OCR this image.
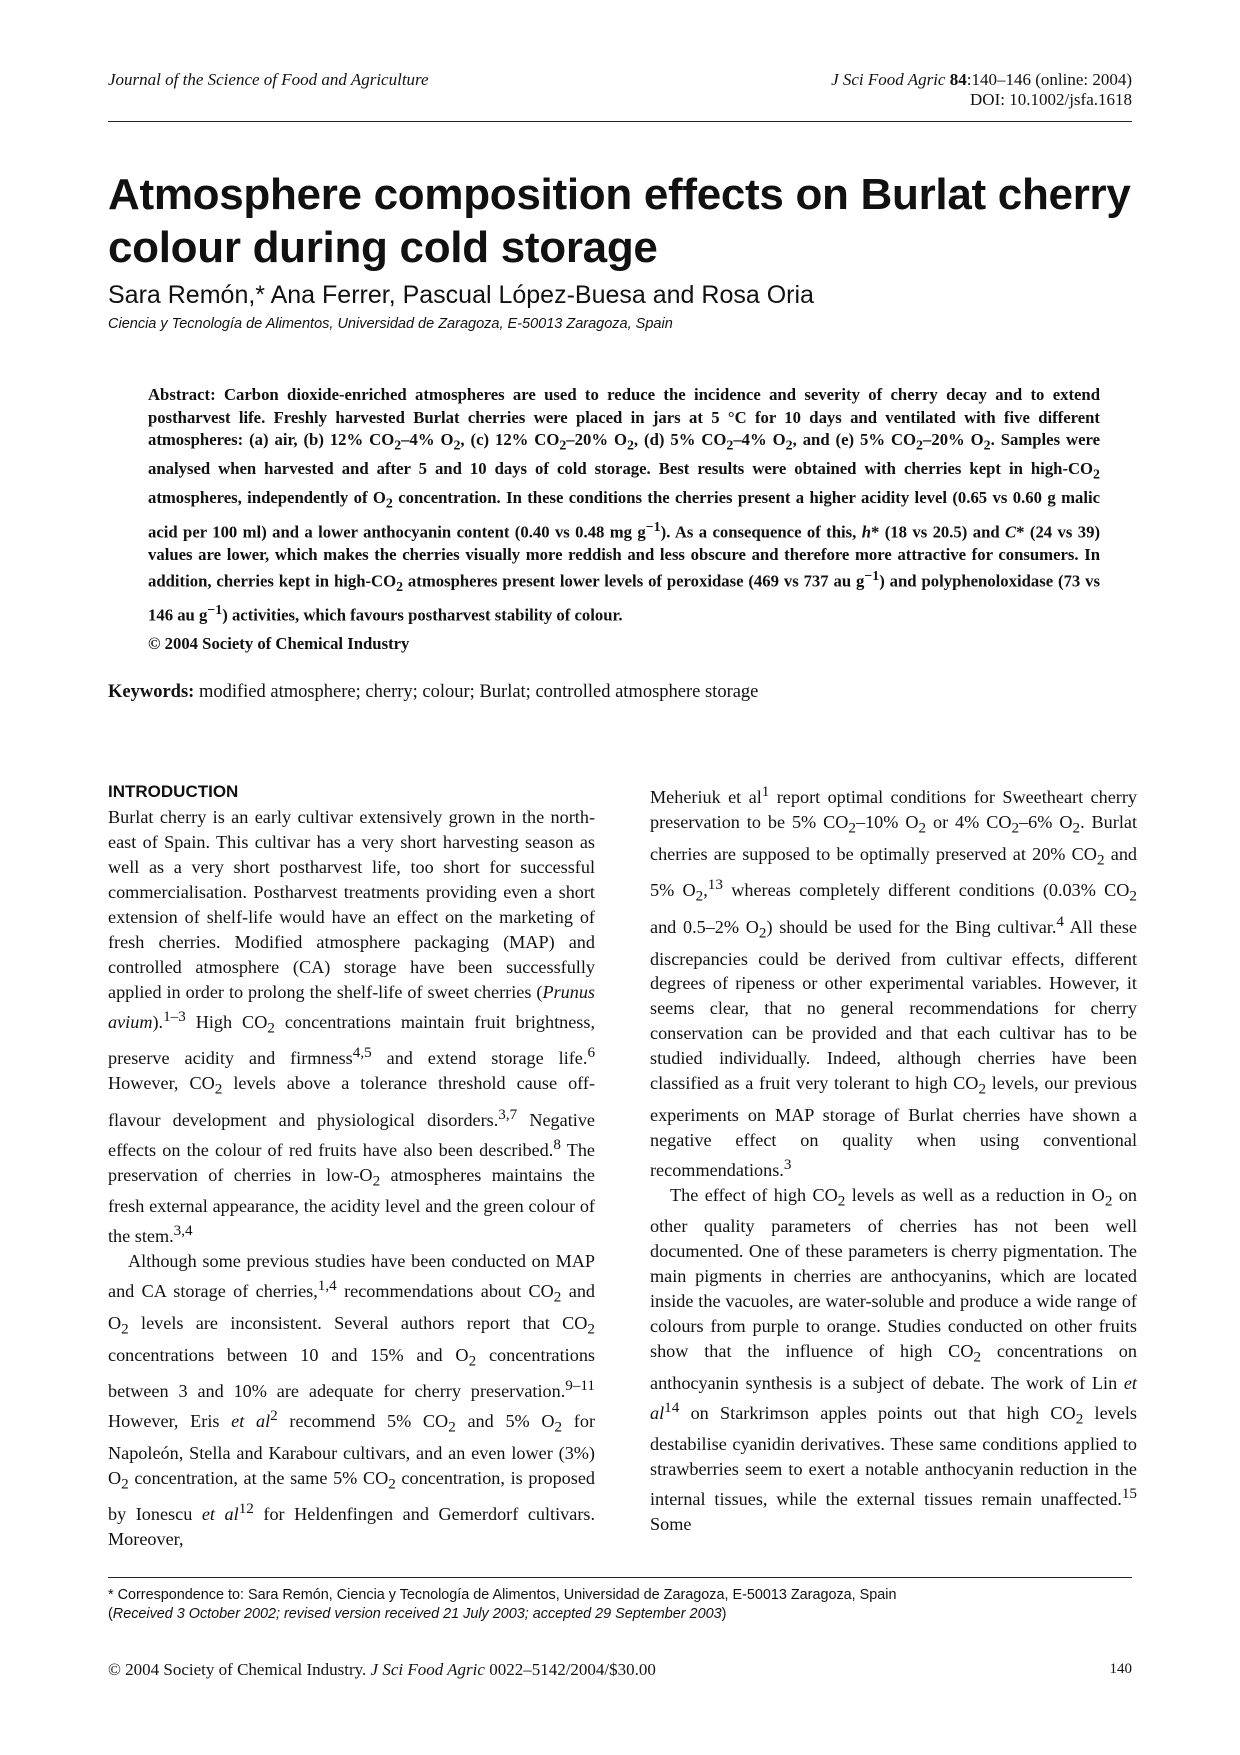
Journal of the Science of Food and Agriculture	J Sci Food Agric 84:140–146 (online: 2004)
DOI: 10.1002/jsfa.1618
Atmosphere composition effects on Burlat cherry colour during cold storage
Sara Remón,* Ana Ferrer, Pascual López-Buesa and Rosa Oria
Ciencia y Tecnología de Alimentos, Universidad de Zaragoza, E-50013 Zaragoza, Spain

Abstract: Carbon dioxide-enriched atmospheres are used to reduce the incidence and severity of cherry decay and to extend postharvest life. Freshly harvested Burlat cherries were placed in jars at 5 °C for 10 days and ventilated with five different atmospheres: (a) air, (b) 12% $CO_2-4\%$ $O_2$, (c) 12% $CO_2-20\%$ $O_2$, (d) 5% $CO_2-4\%$ $O_2$, and (e) 5% $CO_2-20\%$ $O_2$. Samples were analysed when harvested and after 5 and 10 days of cold storage. Best results were obtained with cherries kept in high-$CO_2$ atmospheres, independently of $O_2$ concentration. In these conditions the cherries present a higher acidity level (0.65 vs 0.60 g malic acid per 100 ml) and a lower anthocyanin content (0.40 vs 0.48 mg $g^{-1}$). As a consequence of this, h* (18 vs 20.5) and C* (24 vs 39) values are lower, which makes the cherries visually more reddish and less obscure and therefore more attractive for consumers. In addition, cherries kept in high-$CO_2$ atmospheres present lower levels of peroxidase (469 vs 737 au $g^{-1}$) and polyphenoloxidase (73 vs 146 au $g^{-1}$) activities, which favours postharvest stability of colour.

© 2004 Society of Chemical Industry
Keywords: modified atmosphere; cherry; colour; Burlat; controlled atmosphere storage
INTRODUCTION

Burlat cherry is an early cultivar extensively grown in the north-east of Spain. This cultivar has a very short harvesting season as well as a very short postharvest life, too short for successful commercialisation. Postharvest treatments providing even a short extension of shelf-life would have an effect on the marketing of fresh cherries. Modified atmosphere packaging (MAP) and controlled atmosphere (CA) storage have been successfully applied in order to prolong the shelf-life of sweet cherries (Prunus avium).$^{1-3}$ High $CO_2$ concentrations maintain fruit brightness, preserve acidity and firmness$^{4,5}$ and extend storage life.$^6$ However, $CO_2$ levels above a tolerance threshold cause off-flavour development and physiological disorders.$^{3,7}$ Negative effects on the colour of red fruits have also been described.$^8$ The preservation of cherries in low-$O_2$ atmospheres maintains the fresh external appearance, the acidity level and the green colour of the stem.$^{3,4}$

Although some previous studies have been conducted on MAP and CA storage of cherries,$^{1,4}$ recommendations about $CO_2$ and $O_2$ levels are inconsistent. Several authors report that $CO_2$ concentrations between 10 and 15% and $O_2$ concentrations between 3 and 10% are adequate for cherry preservation.$^{9-11}$ However, Eris et $al^2$ recommend 5% $CO_2$ and 5% $O_2$ for Napoleón, Stella and Karabour cultivars, and an even lower (3%) $O_2$ concentration, at the same 5% $CO_2$ concentration, is proposed by Ionescu et $al^{12}$ for Heldenfingen and Gemerdorf cultivars. Moreover,

Meheriuk et $al^1$ report optimal conditions for Sweetheart cherry preservation to be 5% $CO_2-10\%$ $O_2$ or 4% $CO_2-6\%$ $O_2$. Burlat cherries are supposed to be optimally preserved at 20% $CO_2$ and 5% $O_2,^{13}$ whereas completely different conditions (0.03% $CO_2$ and 0.5–2% $O_2$) should be used for the Bing cultivar.$^4$ All these discrepancies could be derived from cultivar effects, different degrees of ripeness or other experimental variables. However, it seems clear, that no general recommendations for cherry conservation can be provided and that each cultivar has to be studied individually. Indeed, although cherries have been classified as a fruit very tolerant to high $CO_2$ levels, our previous experiments on MAP storage of Burlat cherries have shown a negative effect on quality when using conventional recommendations.$^3$

The effect of high $CO_2$ levels as well as a reduction in $O_2$ on other quality parameters of cherries has not been well documented. One of these parameters is cherry pigmentation. The main pigments in cherries are anthocyanins, which are located inside the vacuoles, are water-soluble and produce a wide range of colours from purple to orange. Studies conducted on other fruits show that the influence of high $CO_2$ concentrations on anthocyanin synthesis is a subject of debate. The work of Lin et $al^{14}$ on Starkrimson apples points out that high $CO_2$ levels destabilise cyanidin derivatives. These same conditions applied to strawberries seem to exert a notable anthocyanin reduction in the internal tissues, while the external tissues remain unaffected.$^{15}$ Some

* Correspondence to: Sara Remón, Ciencia y Tecnología de Alimentos, Universidad de Zaragoza, E-50013 Zaragoza, Spain
(Received 3 October 2002; revised version received 21 July 2003; accepted 29 September 2003)
© 2004 Society of Chemical Industry. J Sci Food Agric 0022–5142/2004/$30.00	140
